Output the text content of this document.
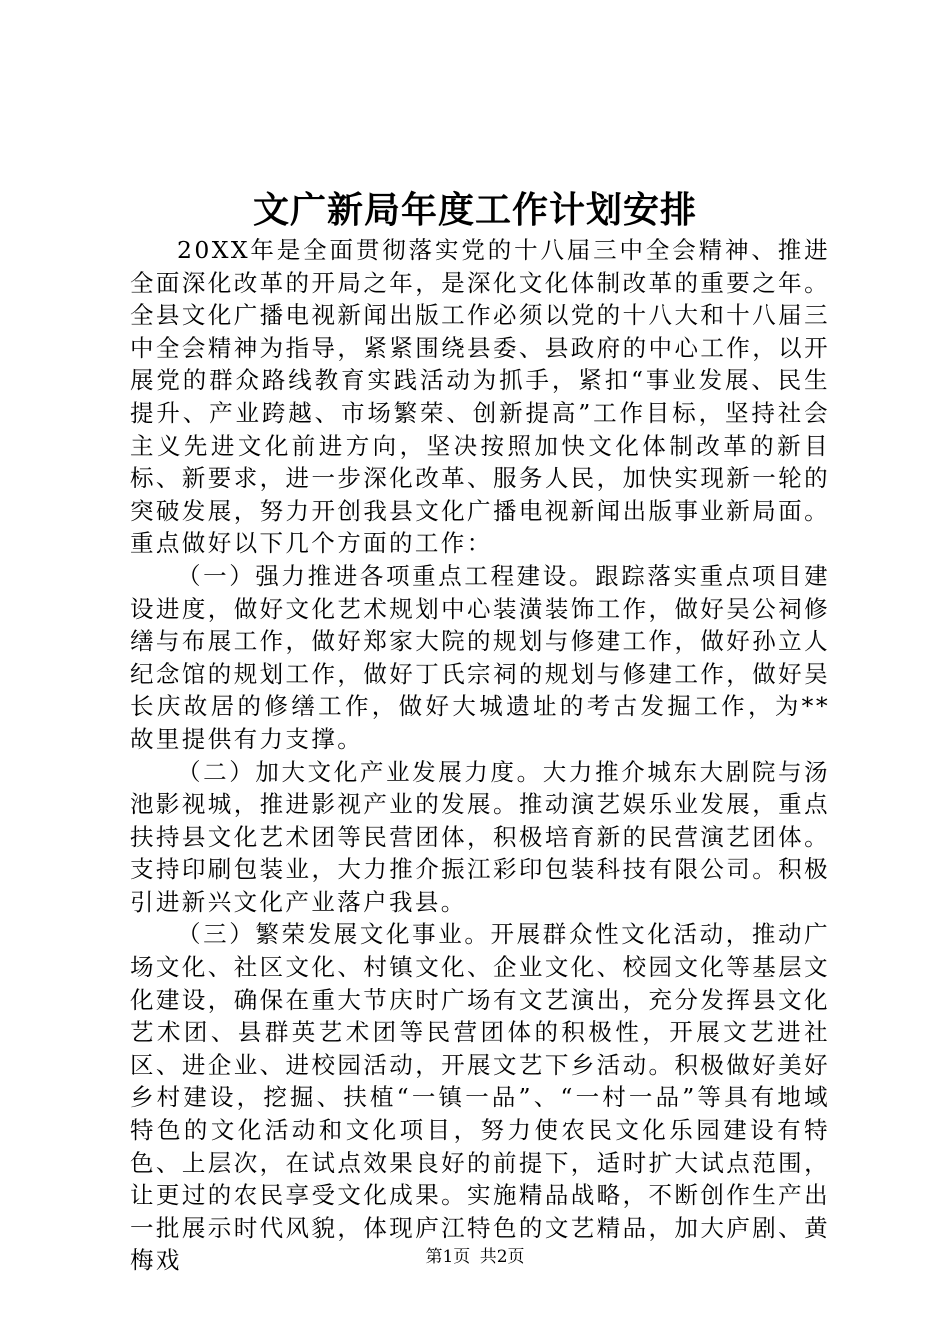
文广新局年度工作计划安排

20XX年是全面贯彻落实党的十八届三中全会精神、推进全面深化改革的开局之年，是深化文化体制改革的重要之年。全县文化广播电视新闻出版工作必须以党的十八大和十八届三中全会精神为指导，紧紧围绕县委、县政府的中心工作，以开展党的群众路线教育实践活动为抓手，紧扣“事业发展、民生提升、产业跨越、市场繁荣、创新提高”工作目标，坚持社会主义先进文化前进方向，坚决按照加快文化体制改革的新目标、新要求，进一步深化改革、服务人民，加快实现新一轮的突破发展，努力开创我县文化广播电视新闻出版事业新局面。重点做好以下几个方面的工作：

（一）强力推进各项重点工程建设。跟踪落实重点项目建设进度，做好文化艺术规划中心装潢装饰工作，做好吴公祠修缮与布展工作，做好郑家大院的规划与修建工作，做好孙立人纪念馆的规划工作，做好丁氏宗祠的规划与修建工作，做好吴长庆故居的修缮工作，做好大城遗址的考古发掘工作，为**故里提供有力支撑。

（二）加大文化产业发展力度。大力推介城东大剧院与汤池影视城，推进影视产业的发展。推动演艺娱乐业发展，重点扶持县文化艺术团等民营团体，积极培育新的民营演艺团体。支持印刷包装业，大力推介振江彩印包装科技有限公司。积极引进新兴文化产业落户我县。

（三）繁荣发展文化事业。开展群众性文化活动，推动广场文化、社区文化、村镇文化、企业文化、校园文化等基层文化建设，确保在重大节庆时广场有文艺演出，充分发挥县文化艺术团、县群英艺术团等民营团体的积极性，开展文艺进社区、进企业、进校园活动，开展文艺下乡活动。积极做好美好乡村建设，挖掘、扶植“一镇一品”、“一村一品”等具有地域特色的文化活动和文化项目，努力使农民文化乐园建设有特色、上层次，在试点效果良好的前提下，适时扩大试点范围，让更过的农民享受文化成果。实施精品战略，不断创作生产出一批展示时代风貌，体现庐江特色的文艺精品，加大庐剧、黄梅戏	第1页 共2页
